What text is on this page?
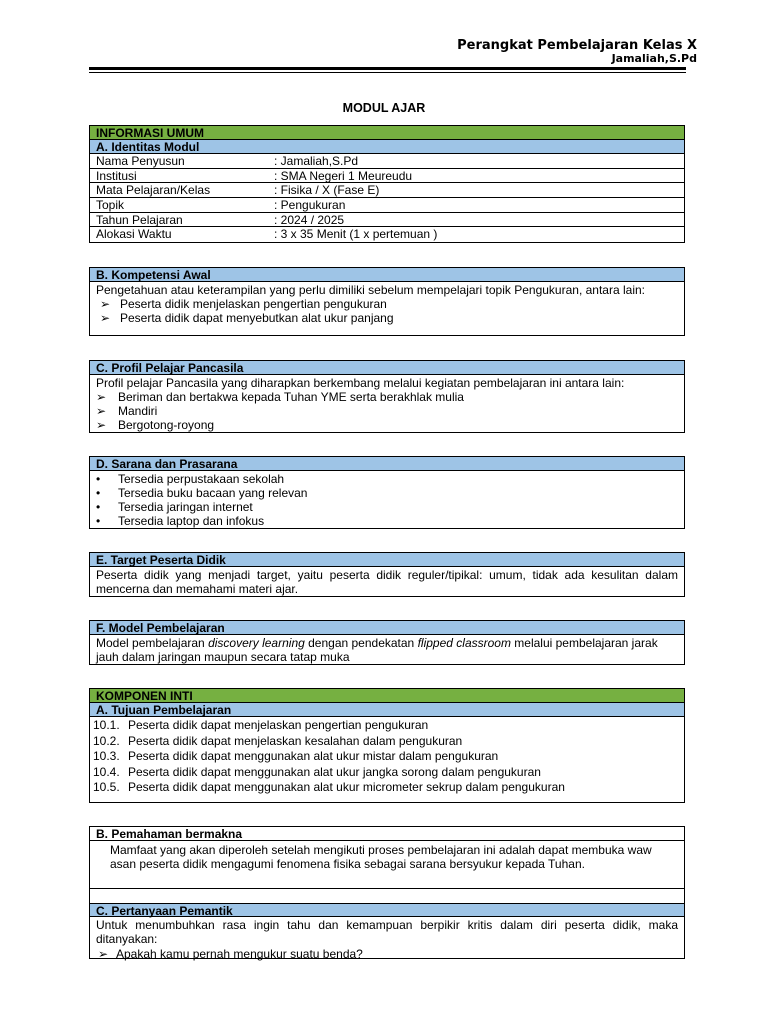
Perangkat Pembelajaran Kelas X
Jamaliah,S.Pd
MODUL AJAR
INFORMASI UMUM
A. Identitas Modul
Nama Penyusun	: Jamaliah,S.Pd
Institusi	: SMA Negeri 1 Meureudu
Mata Pelajaran/Kelas	: Fisika / X (Fase E)
Topik	: Pengukuran
Tahun Pelajaran	: 2024 / 2025
Alokasi Waktu	: 3 x 35 Menit (1 x pertemuan )
B. Kompetensi Awal
Pengetahuan atau keterampilan yang perlu dimiliki sebelum mempelajari topik Pengukuran, antara lain:
➢ Peserta didik menjelaskan pengertian pengukuran
➢ Peserta didik dapat menyebutkan alat ukur panjang
C. Profil Pelajar Pancasila
Profil pelajar Pancasila yang diharapkan berkembang melalui kegiatan pembelajaran ini antara lain:
➢ Beriman dan bertakwa kepada Tuhan YME serta berakhlak mulia
➢ Mandiri
➢ Bergotong-royong
D. Sarana dan Prasarana
•	Tersedia perpustakaan sekolah
•	Tersedia buku bacaan yang relevan
•	Tersedia jaringan internet
•	Tersedia laptop dan infokus
E. Target Peserta Didik
Peserta didik yang menjadi target, yaitu peserta didik reguler/tipikal: umum, tidak ada kesulitan dalam mencerna dan memahami materi ajar.
F. Model Pembelajaran
Model pembelajaran discovery learning dengan pendekatan flipped classroom melalui pembelajaran jarak jauh dalam jaringan maupun secara tatap muka
KOMPONEN INTI
A. Tujuan Pembelajaran
10.1. Peserta didik dapat menjelaskan pengertian pengukuran
10.2. Peserta didik dapat menjelaskan kesalahan dalam pengukuran
10.3. Peserta didik dapat menggunakan alat ukur mistar dalam pengukuran
10.4. Peserta didik dapat menggunakan alat ukur jangka sorong dalam pengukuran
10.5. Peserta didik dapat menggunakan alat ukur micrometer sekrup dalam pengukuran
B. Pemahaman bermakna
Mamfaat yang akan diperoleh setelah mengikuti proses pembelajaran ini adalah dapat membuka waw asan peserta didik mengagumi fenomena fisika sebagai sarana bersyukur kepada Tuhan.
C. Pertanyaan Pemantik
Untuk menumbuhkan rasa ingin tahu dan kemampuan berpikir kritis dalam diri peserta didik, maka ditanyakan:
➢ Apakah kamu pernah mengukur suatu benda?
